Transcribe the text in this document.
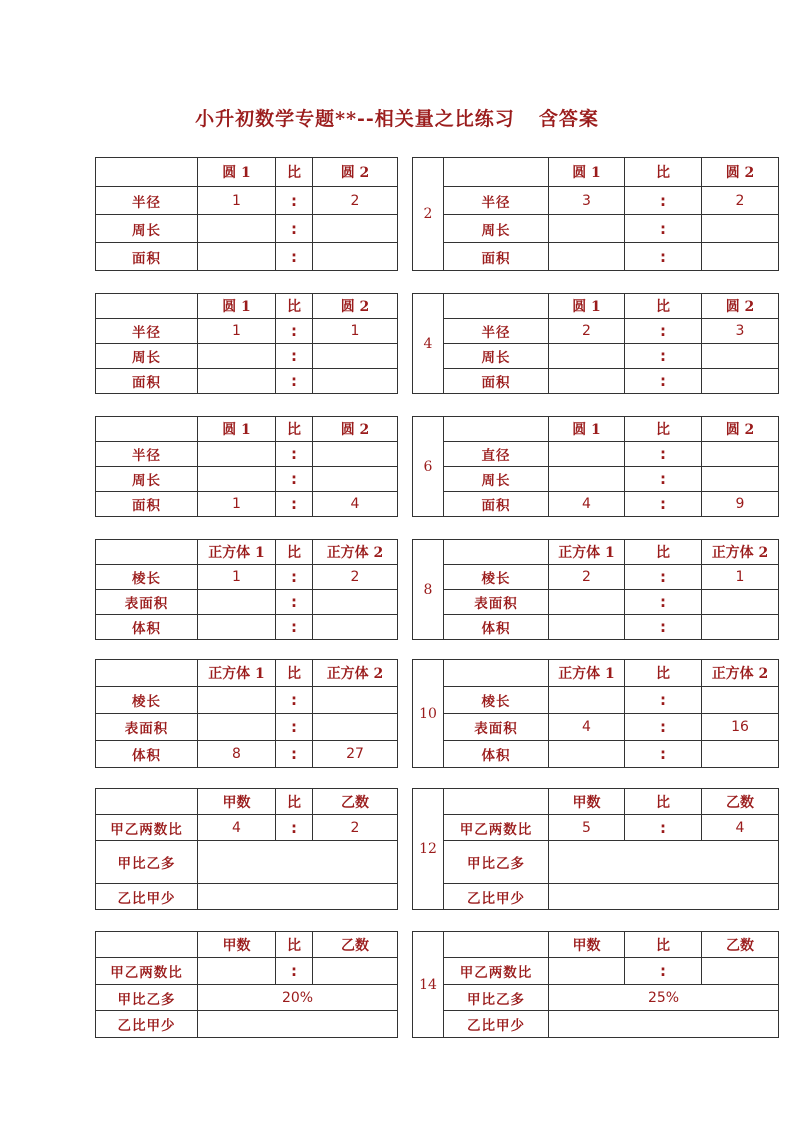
小升初数学专题**--相关量之比练习 含答案
	圆 1	比	圆 2
半径	1	:	2
周长		:	
面积		:	
2		圆 1	比	圆 2
	半径	3	:	2
	周长		:	
	面积		:	
	圆 1	比	圆 2
半径	1	:	1
周长		:	
面积		:	
4		圆 1	比	圆 2
	半径	2	:	3
	周长		:	
	面积		:	
	圆 1	比	圆 2
半径		:	
周长		:	
面积	1	:	4
6		圆 1	比	圆 2
	直径		:	
	周长		:	
	面积	4	:	9
	正方体 1	比	正方体 2
棱长	1	:	2
表面积		:	
体积		:	
8		正方体 1	比	正方体 2
	棱长	2	:	1
	表面积		:	
	体积		:	
	正方体 1	比	正方体 2
棱长		:	
表面积		:	
体积	8	:	27
10		正方体 1	比	正方体 2
	棱长		:	
	表面积	4	:	16
	体积		:	
	甲数	比	乙数
甲乙两数比	4	:	2
甲比乙多			
乙比甲少			
12		甲数	比	乙数
	甲乙两数比	5	:	4
	甲比乙多			
	乙比甲少			
	甲数	比	乙数
甲乙两数比		:	
甲比乙多	20%		
乙比甲少			
14		甲数	比	乙数
	甲乙两数比		:	
	甲比乙多	25%		
	乙比甲少			
